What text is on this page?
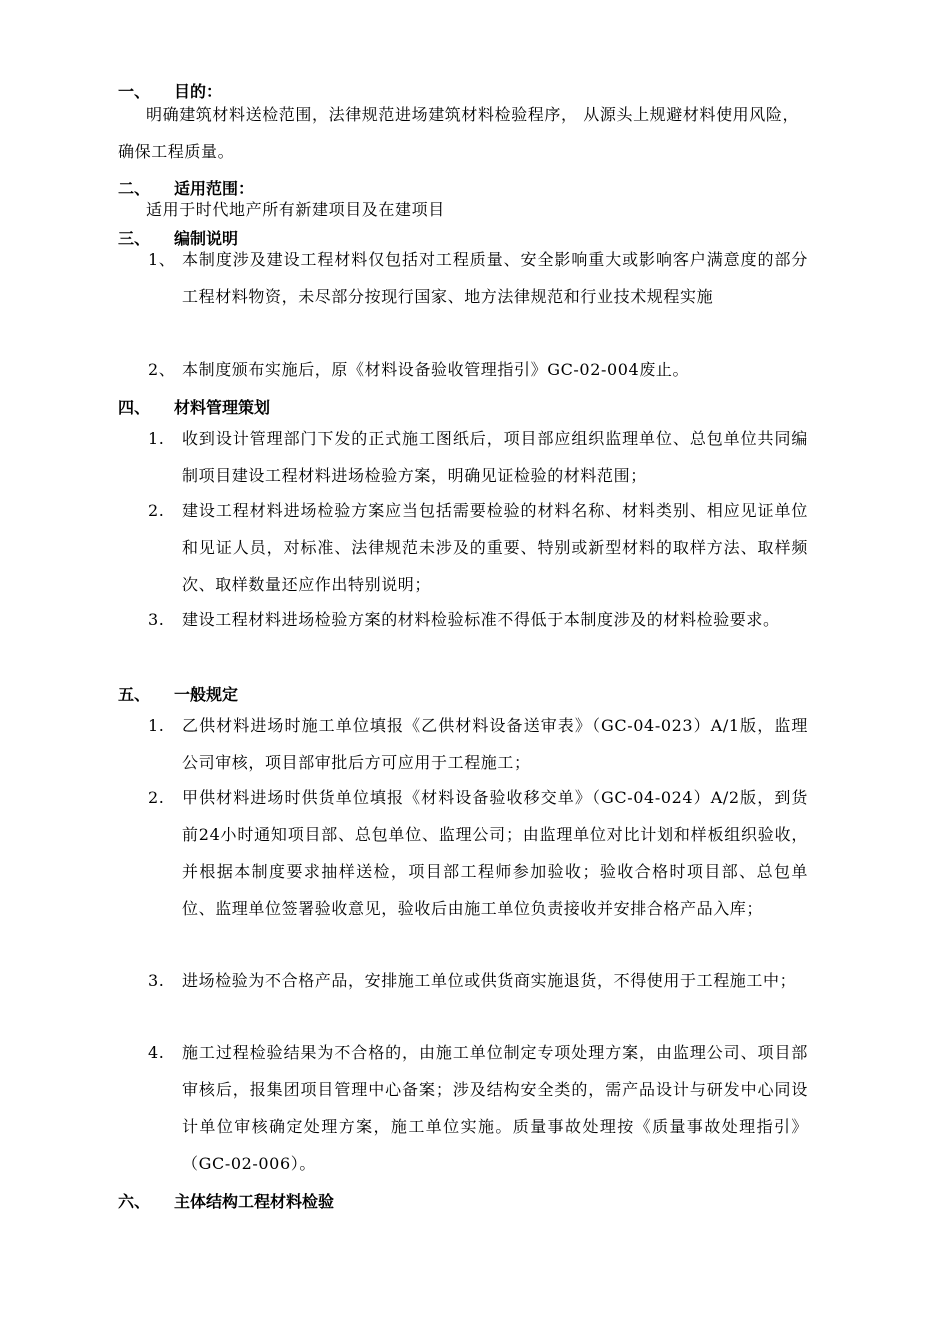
一、 目的：
明确建筑材料送检范围，法律规范进场建筑材料检验程序， 从源头上规避材料使用风险，确保工程质量。
二、 适用范围：
适用于时代地产所有新建项目及在建项目
三、 编制说明
1、 本制度涉及建设工程材料仅包括对工程质量、安全影响重大或影响客户满意度的部分工程材料物资，未尽部分按现行国家、地方法律规范和行业技术规程实施
2、 本制度颁布实施后，原《材料设备验收管理指引》GC-02-004废止。
四、 材料管理策划
1.	收到设计管理部门下发的正式施工图纸后，项目部应组织监理单位、总包单位共同编制项目建设工程材料进场检验方案，明确见证检验的材料范围；
2.	建设工程材料进场检验方案应当包括需要检验的材料名称、材料类别、相应见证单位和见证人员，对标准、法律规范未涉及的重要、特别或新型材料的取样方法、取样频次、取样数量还应作出特别说明；
3.	建设工程材料进场检验方案的材料检验标准不得低于本制度涉及的材料检验要求。
五、 一般规定
1.	乙供材料进场时施工单位填报《乙供材料设备送审表》（GC-04-023）A/1版，监理公司审核，项目部审批后方可应用于工程施工；
2.	甲供材料进场时供货单位填报《材料设备验收移交单》（GC-04-024）A/2版，到货前24小时通知项目部、总包单位、监理公司；由监理单位对比计划和样板组织验收，并根据本制度要求抽样送检，项目部工程师参加验收；验收合格时项目部、总包单位、监理单位签署验收意见，验收后由施工单位负责接收并安排合格产品入库；
3.	进场检验为不合格产品，安排施工单位或供货商实施退货，不得使用于工程施工中；
4.	施工过程检验结果为不合格的，由施工单位制定专项处理方案，由监理公司、项目部审核后，报集团项目管理中心备案；涉及结构安全类的，需产品设计与研发中心同设计单位审核确定处理方案，施工单位实施。质量事故处理按《质量事故处理指引》（GC-02-006）。
六、 主体结构工程材料检验
